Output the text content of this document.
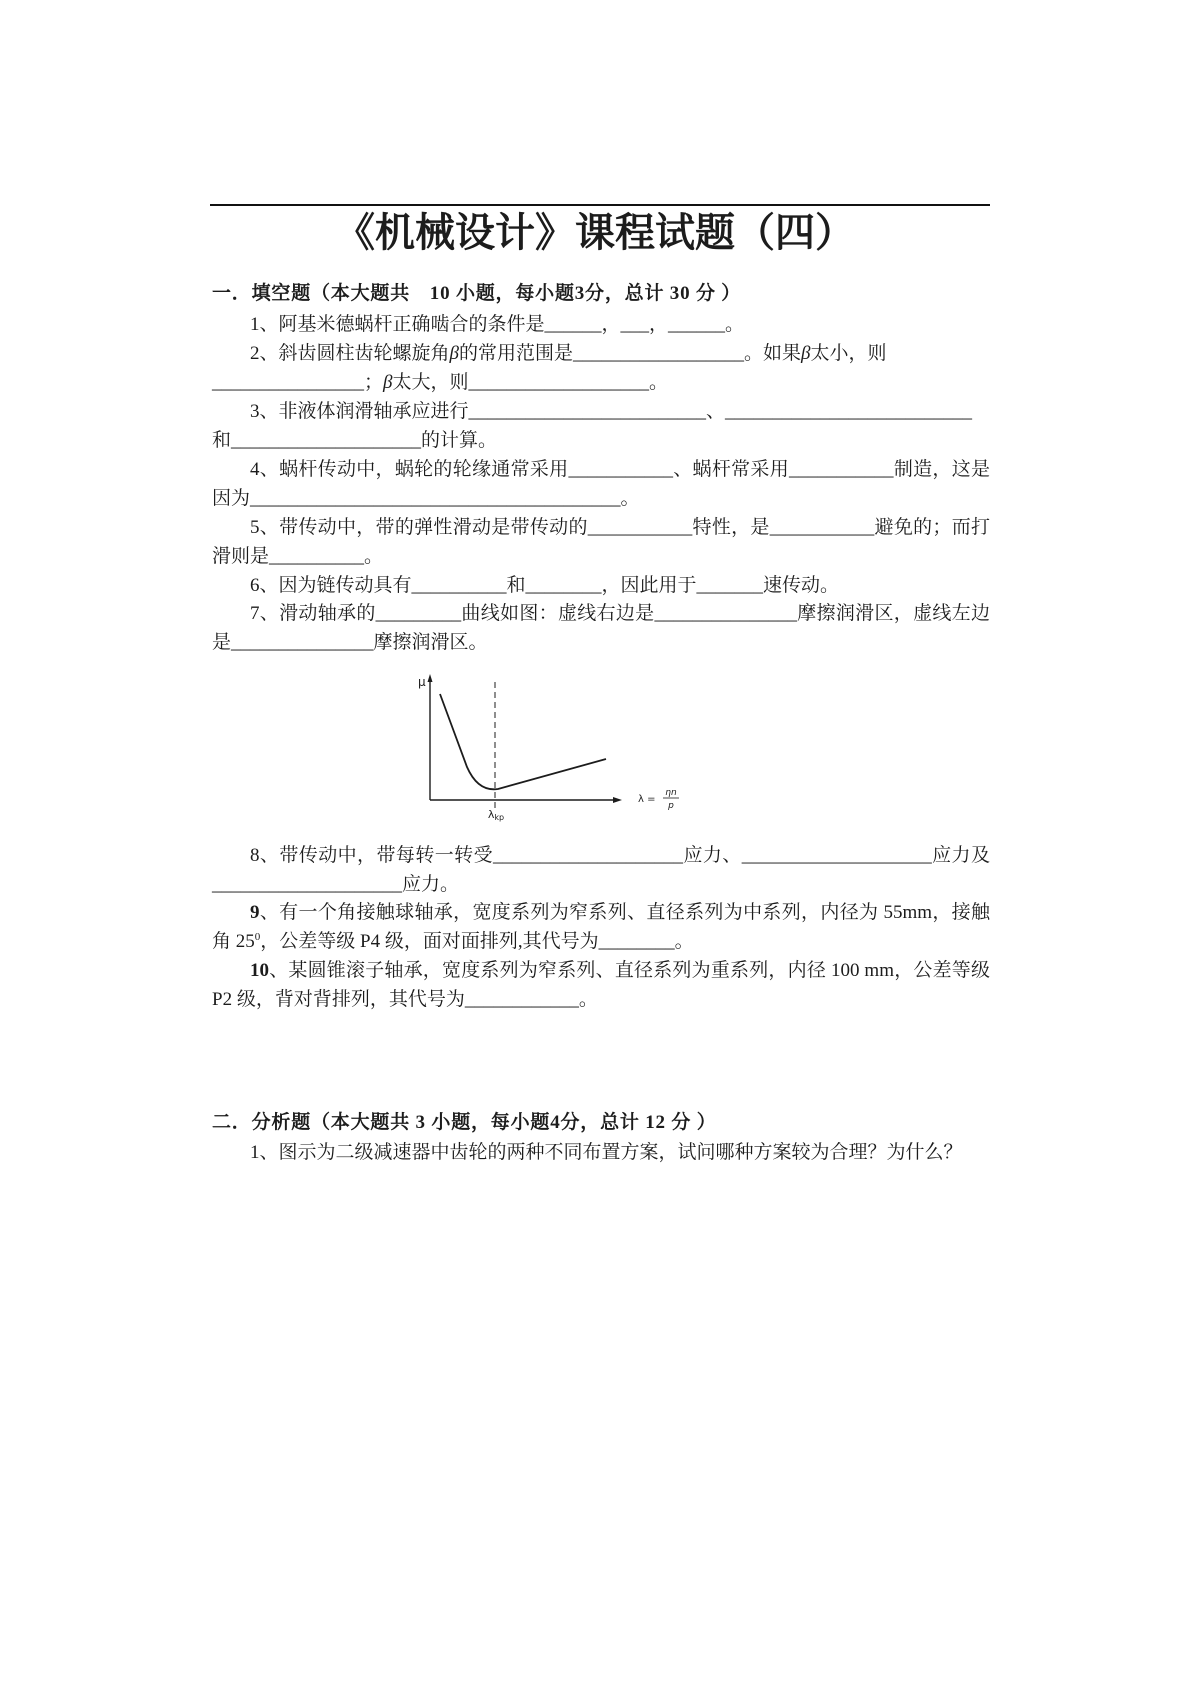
《机械设计》课程试题（四）
一．填空题（本大题共　10 小题，每小题3分，总计 30 分 ）
1、阿基米德蜗杆正确啮合的条件是______，___，______。
2、斜齿圆柱齿轮螺旋角β的常用范围是__________________。如果β太小，则
________________；β太大，则___________________。
3、非液体润滑轴承应进行_________________________、__________________________
和____________________的计算。
4、蜗杆传动中，蜗轮的轮缘通常采用___________、蜗杆常采用___________制造，这是
因为_______________________________________。
5、带传动中，带的弹性滑动是带传动的___________特性，是___________避免的；而打
滑则是__________。
6、因为链传动具有__________和________，因此用于_______速传动。
7、滑动轴承的_________曲线如图：虚线右边是_______________摩擦润滑区，虚线左边
是_______________摩擦润滑区。
μ
λkp
λ =
ηn
p
8、带传动中，带每转一转受____________________应力、____________________应力及
____________________应力。
9、有一个角接触球轴承，宽度系列为窄系列、直径系列为中系列，内径为 55mm，接触
角 $25^0$，公差等级 P4 级，面对面排列,其代号为________。
10、某圆锥滚子轴承，宽度系列为窄系列、直径系列为重系列，内径 100 mm，公差等级
P2 级，背对背排列，其代号为____________。
二．分析题（本大题共 3 小题，每小题4分，总计 12 分 ）
1、图示为二级减速器中齿轮的两种不同布置方案，试问哪种方案较为合理？为什么？
